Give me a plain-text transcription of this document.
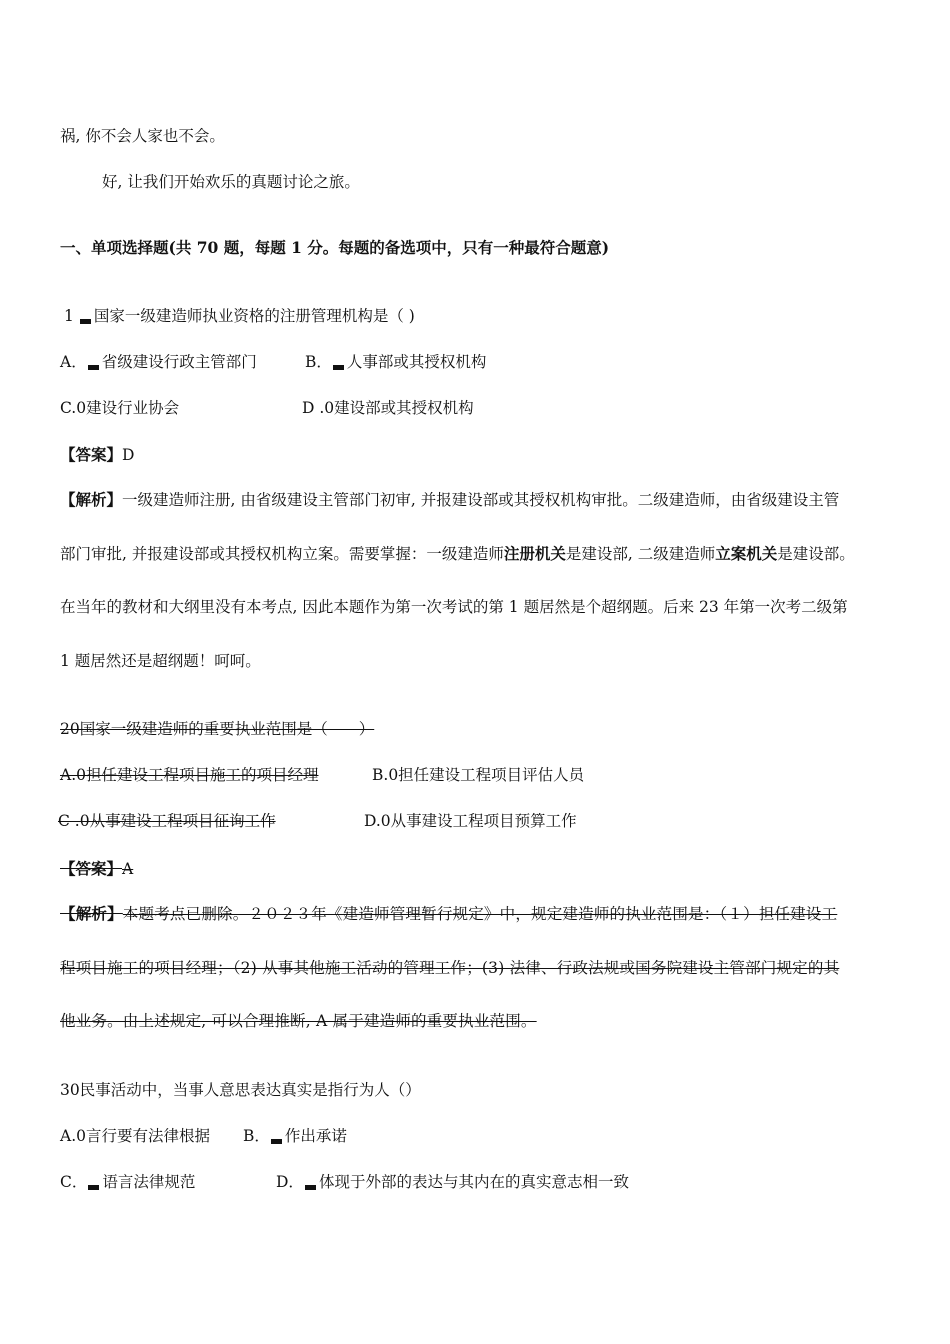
祸, 你不会人家也不会。
好, 让我们开始欢乐的真题讨论之旅。
一、单项选择题(共 70 题，每题 1 分。每题的备选项中，只有一种最符合题意)
1 国家一级建造师执业资格的注册管理机构是（ )
A． 省级建设行政主管部门	B． 人事部或其授权机构
C.0建设行业协会	D .0建设部或其授权机构
【答案】D
【解析】一级建造师注册, 由省级建设主管部门初审, 并报建设部或其授权机构审批。二级建造师，由省级建设主管
部门审批, 并报建设部或其授权机构立案。需要掌握：一级建造师注册机关是建设部, 二级建造师立案机关是建设部。
在当年的教材和大纲里没有本考点, 因此本题作为第一次考试的第 1 题居然是个超纲题。后来 23 年第一次考二级第
1 题居然还是超纲题！呵呵。
20国家一级建造师的重要执业范围是（　　）
A.0担任建设工程项目施工的项目经理	B.0担任建设工程项目评估人员
C .0从事建设工程项目征询工作	D.0从事建设工程项目预算工作
【答案】A
【解析】本题考点已删除。２０２３年《建造师管理暂行规定》中，规定建造师的执业范围是：（１）担任建设工
程项目施工的项目经理；（2) 从事其他施工活动的管理工作；(3) 法律、行政法规或国务院建设主管部门规定的其
他业务。由上述规定, 可以合理推断, A 属于建造师的重要执业范围。
30民事活动中，当事人意思表达真实是指行为人（）
A.0言行要有法律根据 B． 作出承诺
C． 语言法律规范	D． 体现于外部的表达与其内在的真实意志相一致
